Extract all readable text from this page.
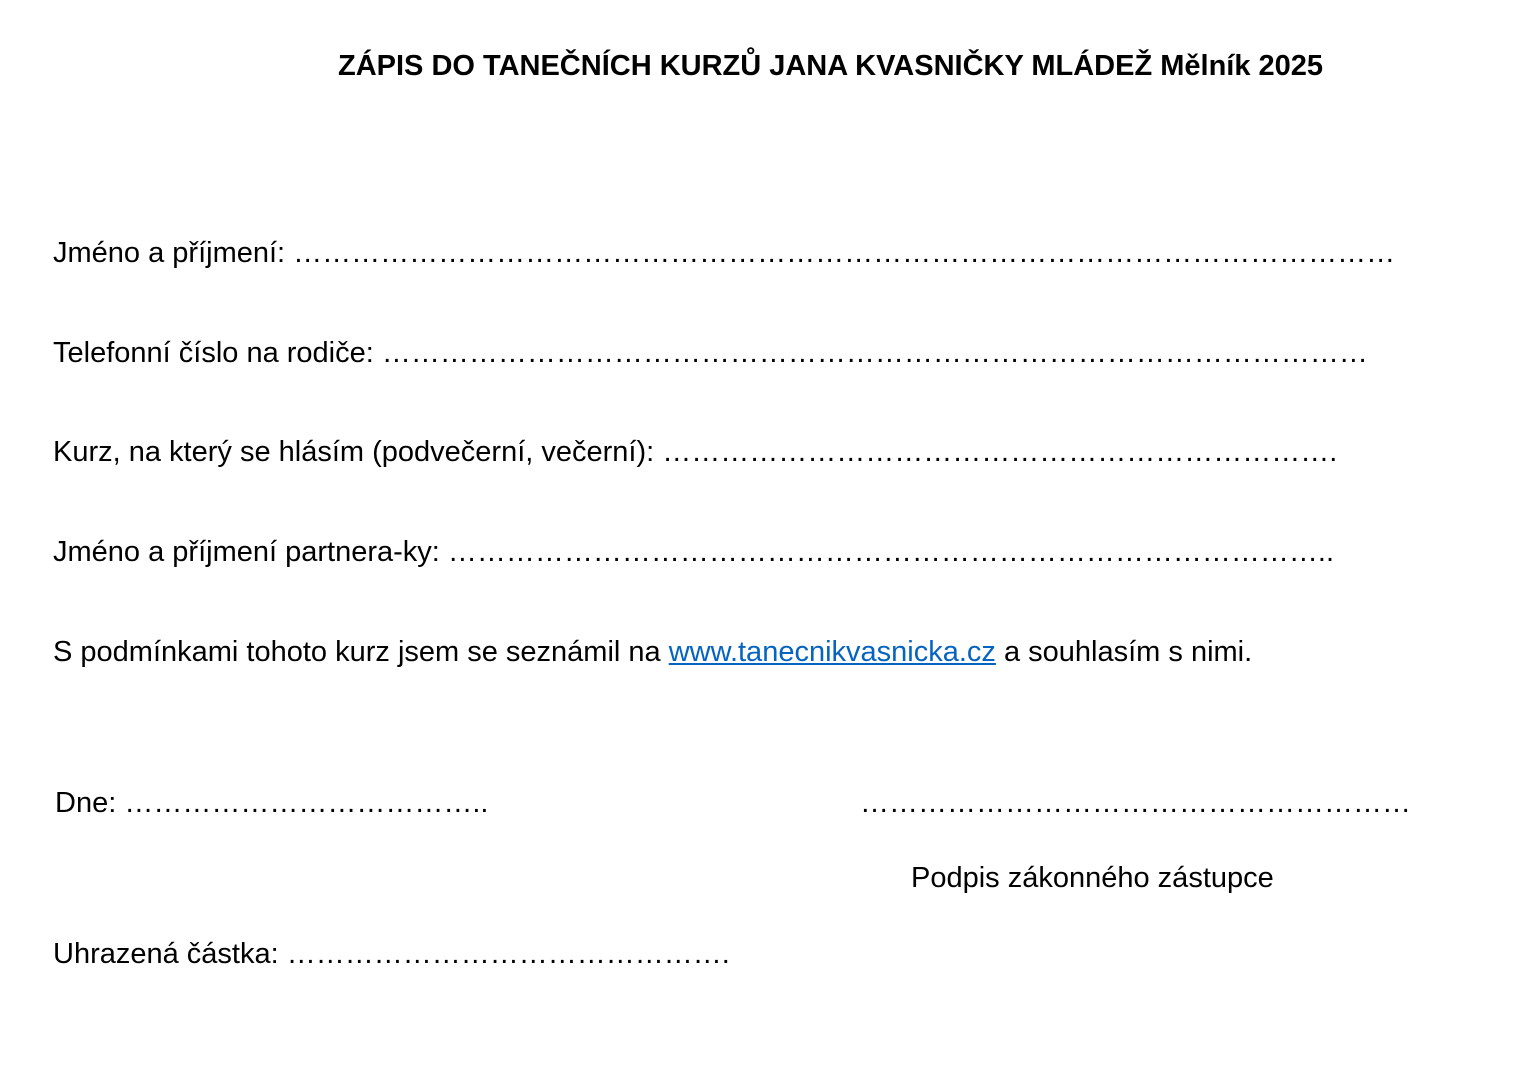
ZÁPIS DO TANEČNÍCH KURZŮ JANA KVASNIČKY MLÁDEŽ Mělník 2025
Jméno a příjmení: ……………………………………………………………………………………………………
Telefonní číslo na rodiče: …………………………………………………………………………………………
Kurz, na který se hlásím (podvečerní, večerní): …………………………………………………………….
Jméno a příjmení partnera-ky: ………………………………………………………………………………..
S podmínkami tohoto kurz jsem se seznámil na www.tanecnikvasnicka.cz a souhlasím s nimi.
Dne: ………………………………..	…………………………………………………
Podpis zákonného zástupce
Uhrazená částka: ……………………………………….
